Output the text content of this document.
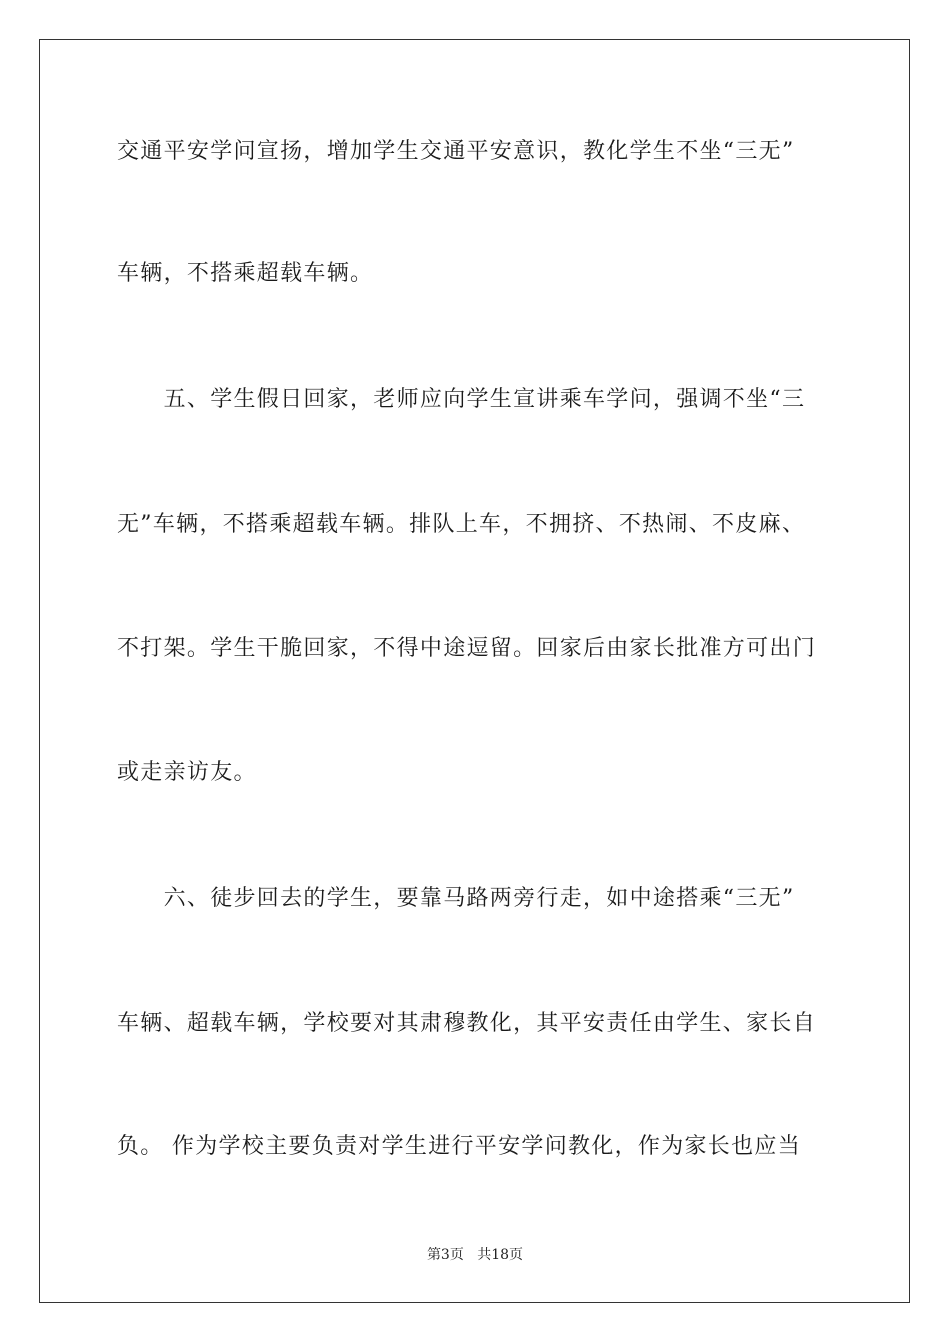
交通平安学问宣扬，增加学生交通平安意识，教化学生不坐“三无”
车辆，不搭乘超载车辆。
　　五、学生假日回家，老师应向学生宣讲乘车学问，强调不坐“三
无”车辆，不搭乘超载车辆。排队上车，不拥挤、不热闹、不皮麻、
不打架。学生干脆回家，不得中途逗留。回家后由家长批准方可出门
或走亲访友。
　　六、徒步回去的学生，要靠马路两旁行走，如中途搭乘“三无”
车辆、超载车辆，学校要对其肃穆教化，其平安责任由学生、家长自
负。 作为学校主要负责对学生进行平安学问教化，作为家长也应当
第3页 共18页
